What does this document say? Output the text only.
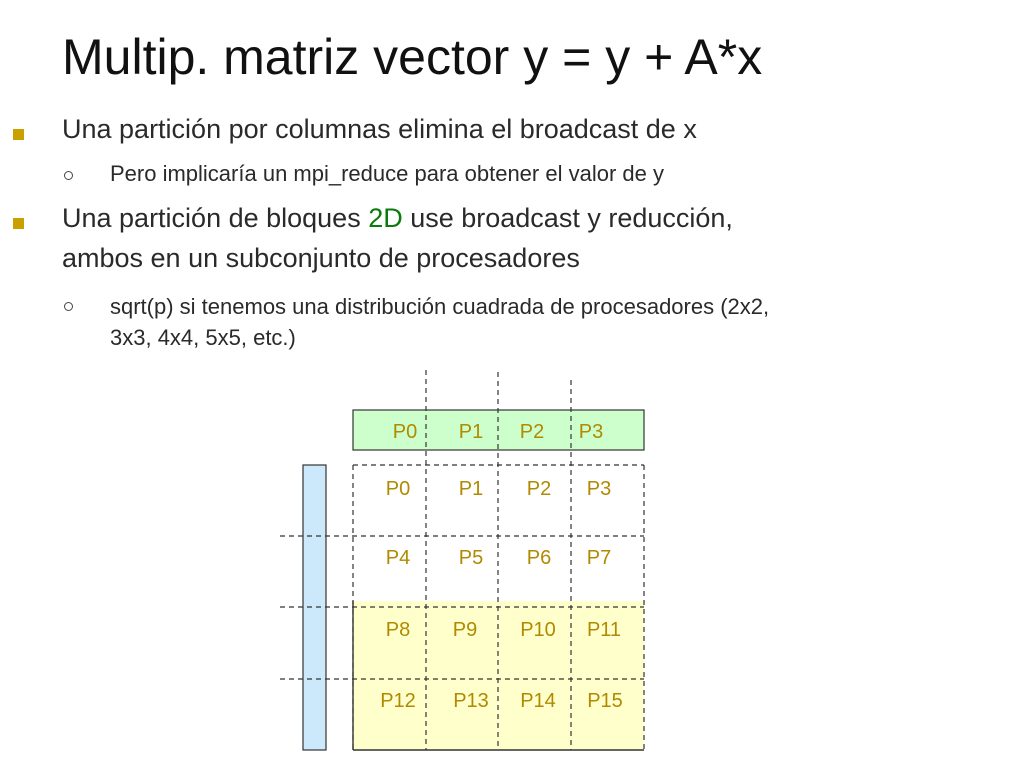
Multip. matriz vector y = y + A*x
Una partición por columnas elimina el broadcast de x
Pero implicaría un mpi_reduce para obtener el valor de y
Una partición de bloques 2D use broadcast y reducción,
ambos en un subconjunto de procesadores
sqrt(p) si tenemos una distribución cuadrada de procesadores (2x2,
3x3, 4x4, 5x5, etc.)
P0 P1 P2 P3
P0 P1 P2 P3
P4 P5 P6 P7
P8 P9 P10 P11
P12 P13 P14 P15
